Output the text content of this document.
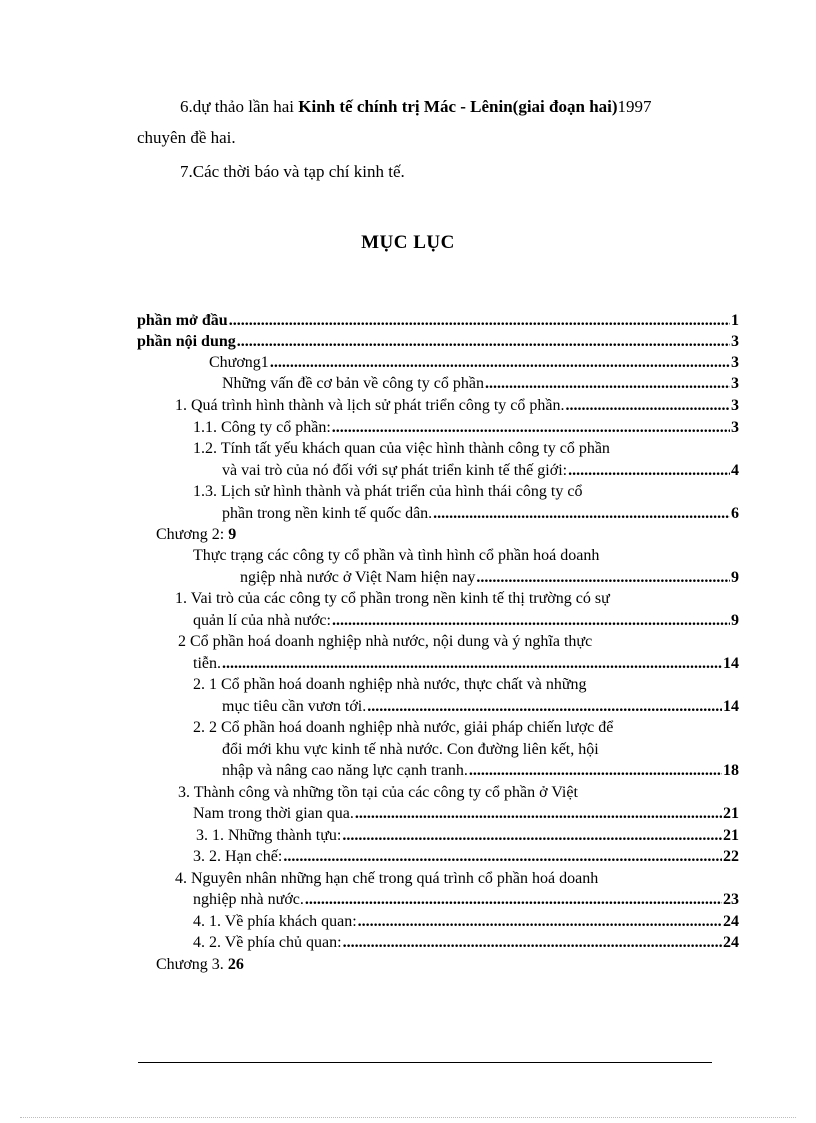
6.dự thảo lần hai Kinh tế chính trị Mác - Lênin(giai đoạn hai)1997
chuyên đề hai.
7.Các thời báo và tạp chí kinh tế.
MỤC LỤC
phần mở đầu .....	1
phần nội dung .....	3
Chương1 .....	3
Những vấn đề cơ bản về công ty cổ phần .....	3
1. Quá trình hình thành và lịch sử phát triển công ty cổ phần. .....	3
1.1. Công ty cổ phần: .....	3
1.2. Tính tất yếu khách quan của việc hình thành công ty cổ phần
và vai trò của nó đối với sự phát triển kinh tế thế giới: .....	4
1.3. Lịch sử hình thành và phát triển của hình thái công ty cổ
phần trong nền kinh tế quốc dân. .....	6
Chương 2: 9
Thực trạng các công ty cổ phần và tình hình cổ phần hoá doanh
ngiệp nhà nước ở Việt Nam hiện nay .....	9
1. Vai trò của các công ty cổ phần trong nền kinh tế thị trường có sự
quản lí của nhà nước: .....	9
2 Cổ phần hoá doanh nghiệp nhà nước, nội dung và ý nghĩa thực
tiễn. .....	14
2. 1 Cổ phần hoá doanh nghiệp nhà nước, thực chất và những
mục tiêu cần vươn tới. .....	14
2. 2 Cổ phần hoá doanh nghiệp nhà nước, giải pháp chiến lược để
đổi mới khu vực kinh tế nhà nước. Con đường liên kết, hội
nhập và nâng cao năng lực cạnh tranh. .....	18
3. Thành công và những tồn tại của các công ty cổ phần ở Việt
Nam trong thời gian qua. .....	21
3. 1. Những thành tựu: .....	21
3. 2. Hạn chế: .....	22
4. Nguyên nhân những hạn chế trong quá trình cổ phần hoá doanh
nghiệp nhà nước. .....	23
4. 1. Về phía khách quan: .....	24
4. 2. Về phía chủ quan: .....	24
Chương 3. 26
